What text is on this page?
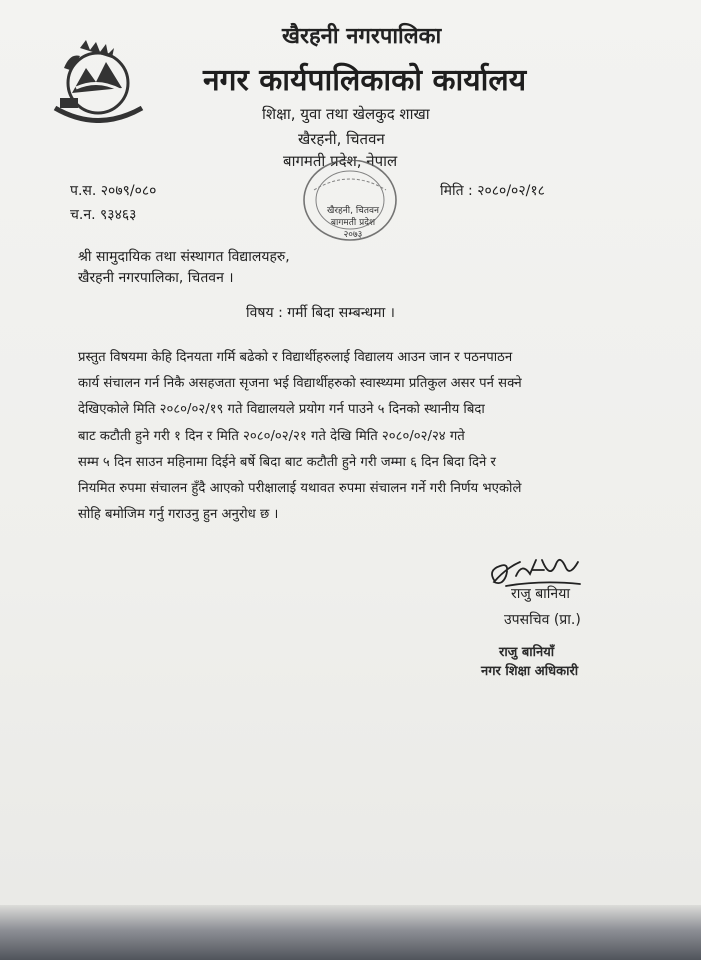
खैरहनी नगरपालिका
नगर कार्यपालिकाको कार्यालय
शिक्षा, युवा तथा खेलकुद शाखा
खैरहनी, चितवन
बागमती प्रदेश, नेपाल
खैरहनी, चितवन
बागमती प्रदेश
२०७३
प.स. २०७९/०८०
च.न. ९३४६३
मिति : २०८०/०२/१८
श्री सामुदायिक तथा संस्थागत विद्यालयहरु,
खैरहनी नगरपालिका, चितवन ।
विषय : गर्मी बिदा सम्बन्धमा ।
प्रस्तुत विषयमा केहि दिनयता गर्मि बढेको र विद्यार्थीहरुलाई विद्यालय आउन जान र पठनपाठन
कार्य संचालन गर्न निकै असहजता सृजना भई विद्यार्थीहरुको स्वास्थ्यमा प्रतिकुल असर पर्न सक्ने
देखिएकोले मिति २०८०/०२/१९ गते विद्यालयले प्रयोग गर्न पाउने ५ दिनको स्थानीय बिदा
बाट कटौती हुने गरी १ दिन र मिति २०८०/०२/२१ गते देखि मिति २०८०/०२/२४ गते
सम्म ५ दिन साउन महिनामा दिईने बर्षे बिदा बाट कटौती हुने गरी जम्मा ६ दिन बिदा दिने र
नियमित रुपमा संचालन हुँदै आएको परीक्षालाई यथावत रुपमा संचालन गर्ने गरी निर्णय भएकोले
सोहि बमोजिम गर्नु गराउनु हुन अनुरोध छ ।
राजु बानिया
उपसचिव (प्रा.)
राजु बानियाँ
नगर शिक्षा अधिकारी
